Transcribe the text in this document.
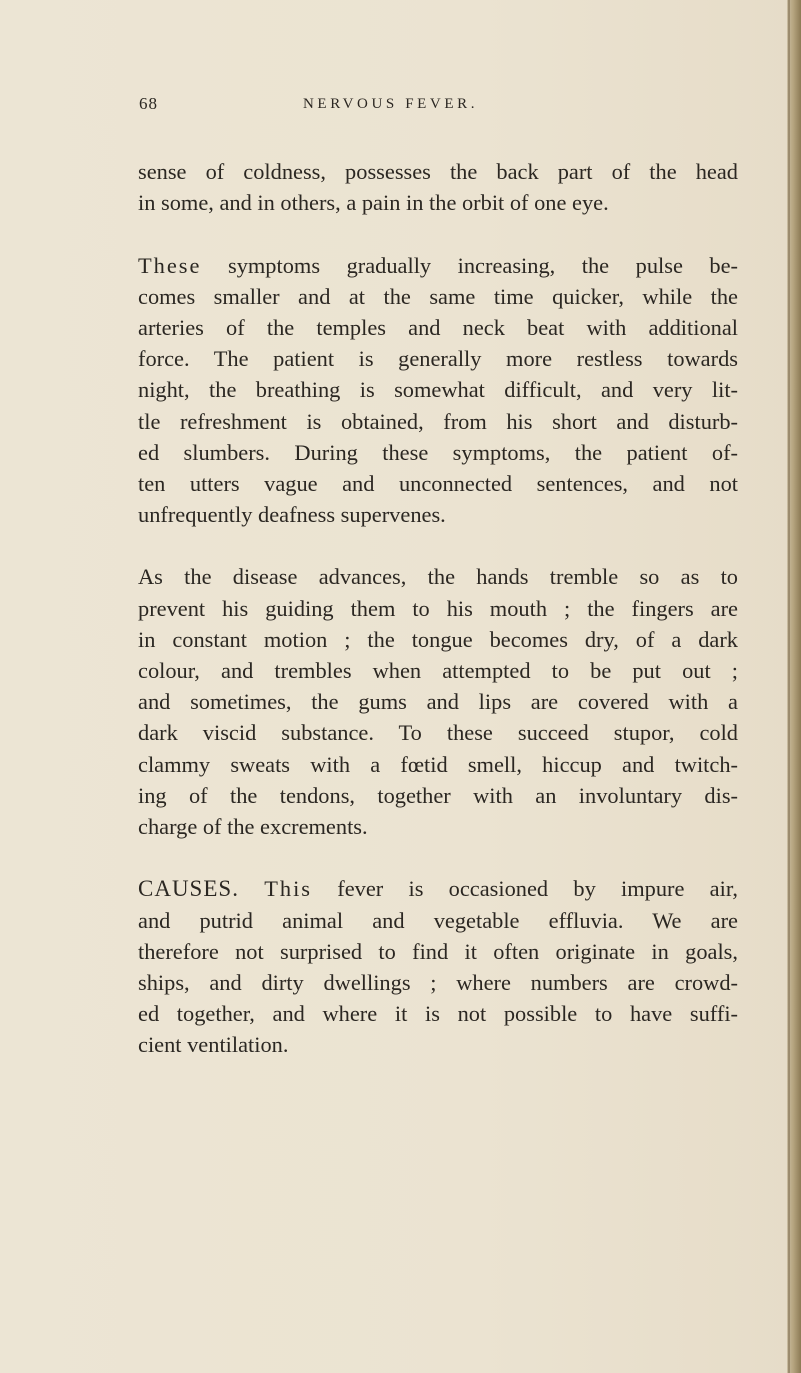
68	NERVOUS FEVER.
sense of coldness, possesses the back part of the head
in some, and in others, a pain in the orbit of one eye.
These symptoms gradually increasing, the pulse be-
comes smaller and at the same time quicker, while the
arteries of the temples and neck beat with additional
force. The patient is generally more restless towards
night, the breathing is somewhat difficult, and very lit-
tle refreshment is obtained, from his short and disturb-
ed slumbers. During these symptoms, the patient of-
ten utters vague and unconnected sentences, and not
unfrequently deafness supervenes.
As the disease advances, the hands tremble so as to
prevent his guiding them to his mouth ; the fingers are
in constant motion ; the tongue becomes dry, of a dark
colour, and trembles when attempted to be put out ;
and sometimes, the gums and lips are covered with a
dark viscid substance. To these succeed stupor, cold
clammy sweats with a fœtid smell, hiccup and twitch-
ing of the tendons, together with an involuntary dis-
charge of the excrements.
CAUSES. This fever is occasioned by impure air,
and putrid animal and vegetable effluvia. We are
therefore not surprised to find it often originate in goals,
ships, and dirty dwellings ; where numbers are crowd-
ed together, and where it is not possible to have suffi-
cient ventilation.
